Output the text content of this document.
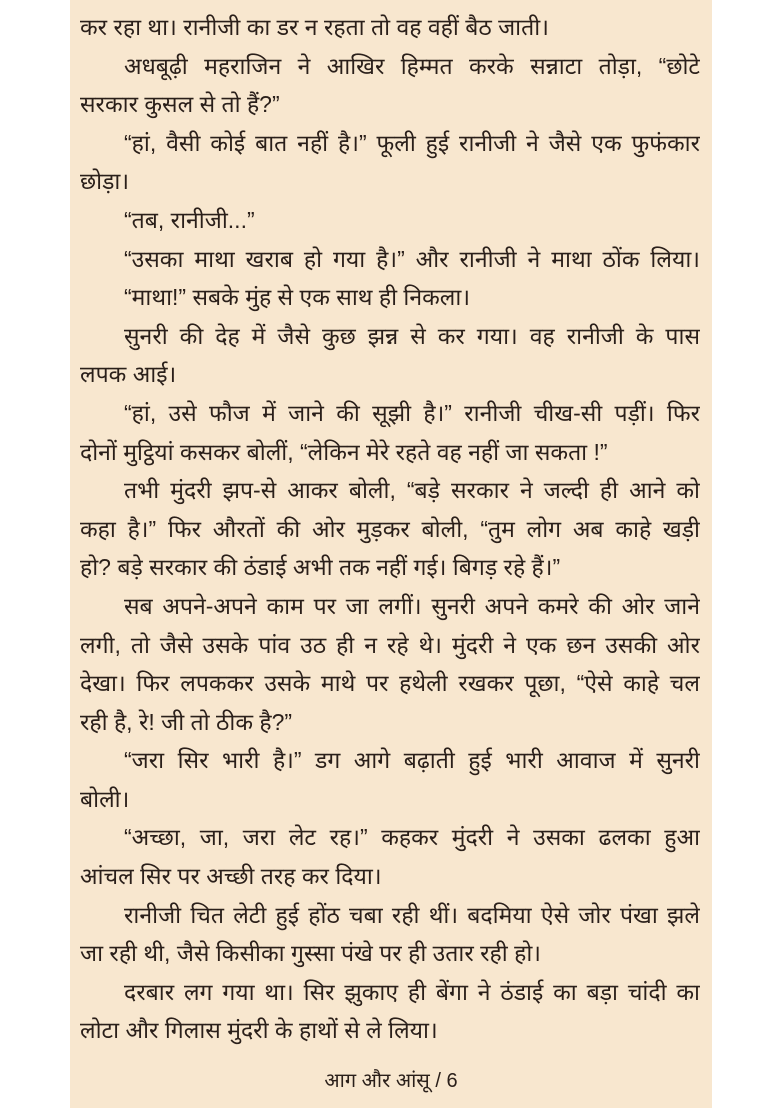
कर रहा था। रानीजी का डर न रहता तो वह वहीं बैठ जाती।
अधबूढ़ी महराजिन ने आखिर हिम्मत करके सन्नाटा तोड़ा, “छोटे
सरकार कुसल से तो हैं?”
“हां, वैसी कोई बात नहीं है।” फूली हुई रानीजी ने जैसे एक फुफंकार
छोड़ा।
“तब, रानीजी...”
“उसका माथा खराब हो गया है।” और रानीजी ने माथा ठोंक लिया।
“माथा!” सबके मुंह से एक साथ ही निकला।
सुनरी की देह में जैसे कुछ झन्न से कर गया। वह रानीजी के पास
लपक आई।
“हां, उसे फौज में जाने की सूझी है।” रानीजी चीख-सी पड़ीं। फिर
दोनों मुट्ठियां कसकर बोलीं, “लेकिन मेरे रहते वह नहीं जा सकता !”
तभी मुंदरी झप-से आकर बोली, “बड़े सरकार ने जल्दी ही आने को
कहा है।” फिर औरतों की ओर मुड़कर बोली, “तुम लोग अब काहे खड़ी
हो? बड़े सरकार की ठंडाई अभी तक नहीं गई। बिगड़ रहे हैं।”
सब अपने-अपने काम पर जा लगीं। सुनरी अपने कमरे की ओर जाने
लगी, तो जैसे उसके पांव उठ ही न रहे थे। मुंदरी ने एक छन उसकी ओर
देखा। फिर लपककर उसके माथे पर हथेली रखकर पूछा, “ऐसे काहे चल
रही है, रे! जी तो ठीक है?”
“जरा सिर भारी है।” डग आगे बढ़ाती हुई भारी आवाज में सुनरी
बोली।
“अच्छा, जा, जरा लेट रह।” कहकर मुंदरी ने उसका ढलका हुआ
आंचल सिर पर अच्छी तरह कर दिया।
रानीजी चित लेटी हुई होंठ चबा रही थीं। बदमिया ऐसे जोर पंखा झले
जा रही थी, जैसे किसीका गुस्सा पंखे पर ही उतार रही हो।
दरबार लग गया था। सिर झुकाए ही बेंगा ने ठंडाई का बड़ा चांदी का
लोटा और गिलास मुंदरी के हाथों से ले लिया।
आग और आंसू / 6
